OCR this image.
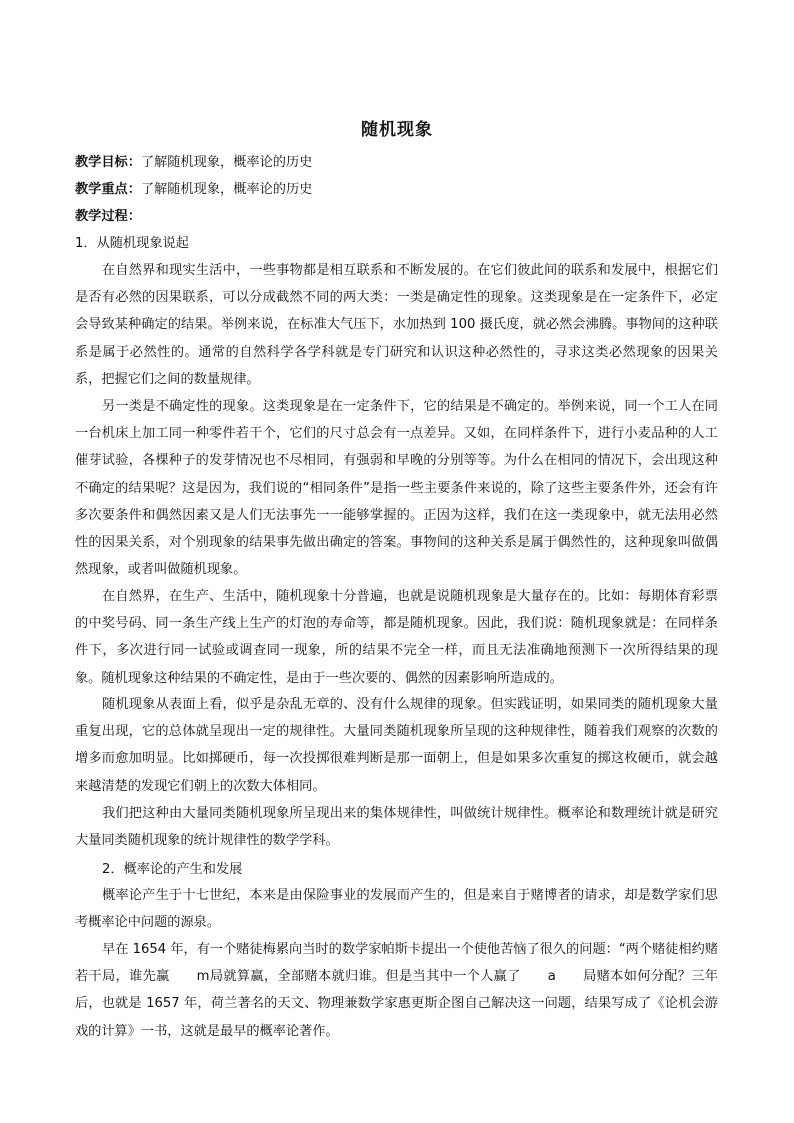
随机现象
教学目标：了解随机现象，概率论的历史
教学重点：了解随机现象，概率论的历史
教学过程：
1．从随机现象说起

在自然界和现实生活中，一些事物都是相互联系和不断发展的。在它们彼此间的联系和发展中，根据它们是否有必然的因果联系，可以分成截然不同的两大类：一类是确定性的现象。这类现象是在一定条件下，必定会导致某种确定的结果。举例来说，在标准大气压下，水加热到 100 摄氏度，就必然会沸腾。事物间的这种联系是属于必然性的。通常的自然科学各学科就是专门研究和认识这种必然性的，寻求这类必然现象的因果关系，把握它们之间的数量规律。

另一类是不确定性的现象。这类现象是在一定条件下，它的结果是不确定的。举例来说，同一个工人在同一台机床上加工同一种零件若干个，它们的尺寸总会有一点差异。又如，在同样条件下，进行小麦品种的人工催芽试验，各棵种子的发芽情况也不尽相同，有强弱和早晚的分别等等。为什么在相同的情况下，会出现这种不确定的结果呢？这是因为，我们说的“相同条件”是指一些主要条件来说的，除了这些主要条件外，还会有许多次要条件和偶然因素又是人们无法事先一一能够掌握的。正因为这样，我们在这一类现象中，就无法用必然性的因果关系，对个别现象的结果事先做出确定的答案。事物间的这种关系是属于偶然性的，这种现象叫做偶然现象，或者叫做随机现象。

在自然界，在生产、生活中，随机现象十分普遍，也就是说随机现象是大量存在的。比如：每期体育彩票的中奖号码、同一条生产线上生产的灯泡的寿命等，都是随机现象。因此，我们说：随机现象就是：在同样条件下，多次进行同一试验或调查同一现象，所的结果不完全一样，而且无法准确地预测下一次所得结果的现象。随机现象这种结果的不确定性，是由于一些次要的、偶然的因素影响所造成的。

随机现象从表面上看，似乎是杂乱无章的、没有什么规律的现象。但实践证明，如果同类的随机现象大量重复出现，它的总体就呈现出一定的规律性。大量同类随机现象所呈现的这种规律性，随着我们观察的次数的增多而愈加明显。比如掷硬币，每一次投掷很难判断是那一面朝上，但是如果多次重复的掷这枚硬币，就会越来越清楚的发现它们朝上的次数大体相同。

我们把这种由大量同类随机现象所呈现出来的集体规律性，叫做统计规律性。概率论和数理统计就是研究大量同类随机现象的统计规律性的数学学科。

2．概率论的产生和发展

概率论产生于十七世纪，本来是由保险事业的发展而产生的，但是来自于赌博者的请求，却是数学家们思考概率论中问题的源泉。

早在 1654 年，有一个赌徒梅累向当时的数学家帕斯卡提出一个使他苦恼了很久的问题：“两个赌徒相约赌若干局，谁先赢　　m局就算赢，全部赌本就归谁。但是当其中一个人赢了　　a　　局赌本如何分配？三年后，也就是 1657 年，荷兰著名的天文、物理兼数学家惠更斯企图自己解决这一问题，结果写成了《论机会游戏的计算》一书，这就是最早的概率论著作。
